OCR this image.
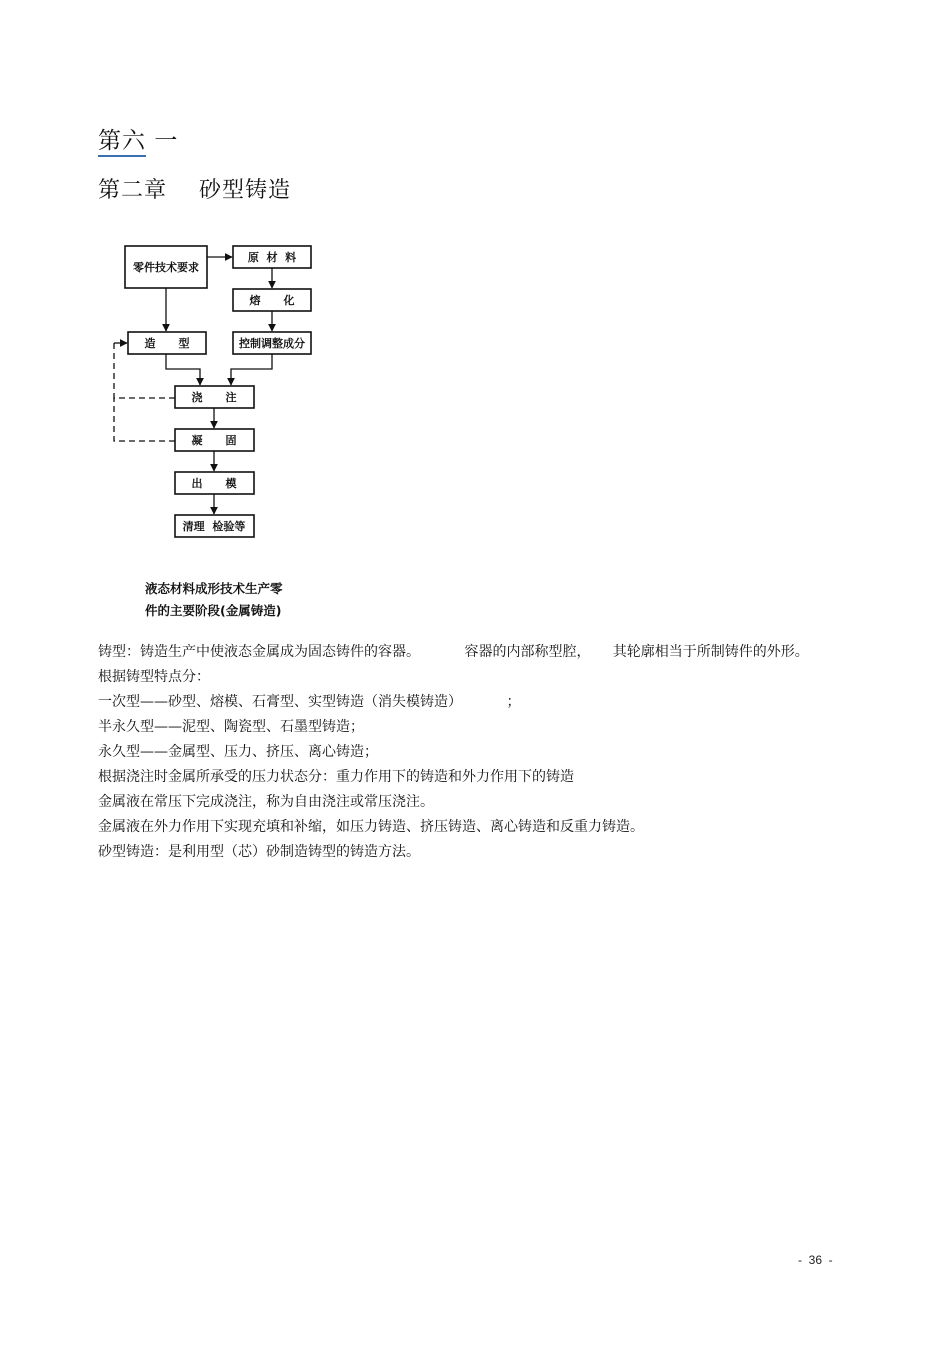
第六 一
第二章 砂型铸造
零件技术要求
原  材  料
熔      化
造      型	控制调整成分
浇      注
凝      固
出      模
清理  检验等
液态材料成形技术生产零
件的主要阶段(金属铸造)

铸型：铸造生产中使液态金属成为固态铸件的容器。          容器的内部称型腔，     其轮廓相当于所制铸件的外形。

根据铸型特点分：

一次型——砂型、熔模、石膏型、实型铸造（消失模铸造）          ；

半永久型——泥型、陶瓷型、石墨型铸造；

永久型——金属型、压力、挤压、离心铸造；

根据浇注时金属所承受的压力状态分：重力作用下的铸造和外力作用下的铸造

金属液在常压下完成浇注，称为自由浇注或常压浇注。

金属液在外力作用下实现充填和补缩，如压力铸造、挤压铸造、离心铸造和反重力铸造。

砂型铸造：是利用型（芯）砂制造铸型的铸造方法。

-  36  -
